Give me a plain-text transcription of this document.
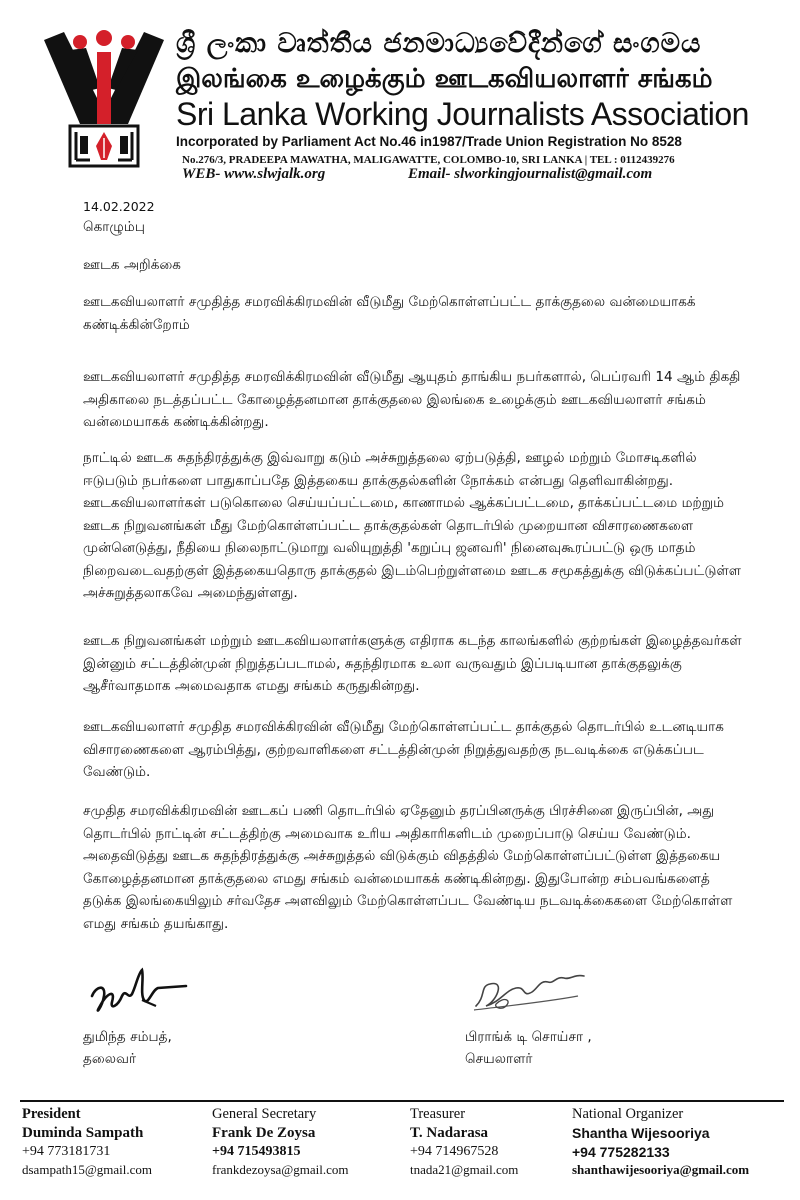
ශ්‍රී ලංකා වෘත්තීය ජනමාධ්‍යවේදීන්ගේ සංගමය
இலங்கை உழைக்கும் ஊடகவியலாளர் சங்கம்
Sri Lanka Working Journalists Association
Incorporated by Parliament Act No.46 in1987/Trade Union Registration No 8528
No.276/3, PRADEEPA MAWATHA, MALIGAWATTE, COLOMBO-10, SRI LANKA | TEL : 0112439276
WEB- www.slwjalk.org	Email- slworkingjournalist@gmail.com
14.02.2022
கொழும்பு
ஊடக அறிக்கை
ஊடகவியலாளர் சமுதித்த சமரவிக்கிரமவின் வீடுமீது மேற்கொள்ளப்பட்ட தாக்குதலை வன்மையாகக் கண்டிக்கின்றோம்
ஊடகவியலாளர் சமுதித்த சமரவிக்கிரமவின் வீடுமீது ஆயுதம் தாங்கிய நபர்களால், பெப்ரவரி 14 ஆம் திகதி அதிகாலை நடத்தப்பட்ட கோழைத்தனமான தாக்குதலை இலங்கை உழைக்கும் ஊடகவியலாளர் சங்கம் வன்மையாகக் கண்டிக்கின்றது.
நாட்டில் ஊடக சுதந்திரத்துக்கு இவ்வாறு கடும் அச்சுறுத்தலை ஏற்படுத்தி, ஊழல் மற்றும் மோசடிகளில் ஈடுபடும் நபர்களை பாதுகாப்பதே இத்தகைய தாக்குதல்களின் நோக்கம் என்பது தெளிவாகின்றது. ஊடகவியலாளர்கள் படுகொலை செய்யப்பட்டமை, காணாமல் ஆக்கப்பட்டமை, தாக்கப்பட்டமை மற்றும் ஊடக நிறுவனங்கள் மீது மேற்கொள்ளப்பட்ட தாக்குதல்கள் தொடர்பில் முறையான விசாரணைகளை முன்னெடுத்து, நீதியை நிலைநாட்டுமாறு வலியுறுத்தி 'கறுப்பு ஜனவரி' நினைவுகூரப்பட்டு ஒரு மாதம் நிறைவடைவதற்குள் இத்தகையதொரு தாக்குதல் இடம்பெற்றுள்ளமை ஊடக சமூகத்துக்கு விடுக்கப்பட்டுள்ள அச்சுறுத்தலாகவே அமைந்துள்ளது.
ஊடக நிறுவனங்கள் மற்றும் ஊடகவியலாளர்களுக்கு எதிராக கடந்த காலங்களில் குற்றங்கள் இழைத்தவர்கள் இன்னும் சட்டத்தின்முன் நிறுத்தப்படாமல், சுதந்திரமாக உலா வருவதும் இப்படியான தாக்குதலுக்கு ஆசீர்வாதமாக அமைவதாக எமது சங்கம் கருதுகின்றது.
ஊடகவியலாளர் சமுதித சமரவிக்கிரவின் வீடுமீது மேற்கொள்ளப்பட்ட தாக்குதல் தொடர்பில் உடனடியாக விசாரணைகளை ஆரம்பித்து, குற்றவாளிகளை சட்டத்தின்முன் நிறுத்துவதற்கு நடவடிக்கை எடுக்கப்பட வேண்டும்.
சமுதித சமரவிக்கிரமவின் ஊடகப் பணி தொடர்பில் ஏதேனும் தரப்பினருக்கு பிரச்சினை இருப்பின், அது தொடர்பில் நாட்டின் சட்டத்திற்கு அமைவாக உரிய அதிகாரிகளிடம் முறைப்பாடு செய்ய வேண்டும். அதைவிடுத்து ஊடக சுதந்திரத்துக்கு அச்சுறுத்தல் விடுக்கும் விதத்தில் மேற்கொள்ளப்பட்டுள்ள இத்தகைய கோழைத்தனமான தாக்குதலை எமது சங்கம் வன்மையாகக் கண்டிகின்றது. இதுபோன்ற சம்பவங்களைத் தடுக்க இலங்கையிலும் சர்வதேச அளவிலும் மேற்கொள்ளப்பட வேண்டிய நடவடிக்கைகளை மேற்கொள்ள எமது சங்கம் தயங்காது.
துமிந்த சம்பத்,
தலைவர்
பிராங்க் டி சொய்சா ,
செயலாளர்
President
Duminda Sampath
+94 773181731
dsampath15@gmail.com
General Secretary
Frank De Zoysa
+94 715493815
frankdezoysa@gmail.com
Treasurer
T. Nadarasa
+94 714967528
tnada21@gmail.com
National Organizer
Shantha Wijesooriya
+94 775282133
shanthawijesooriya@gmail.com
